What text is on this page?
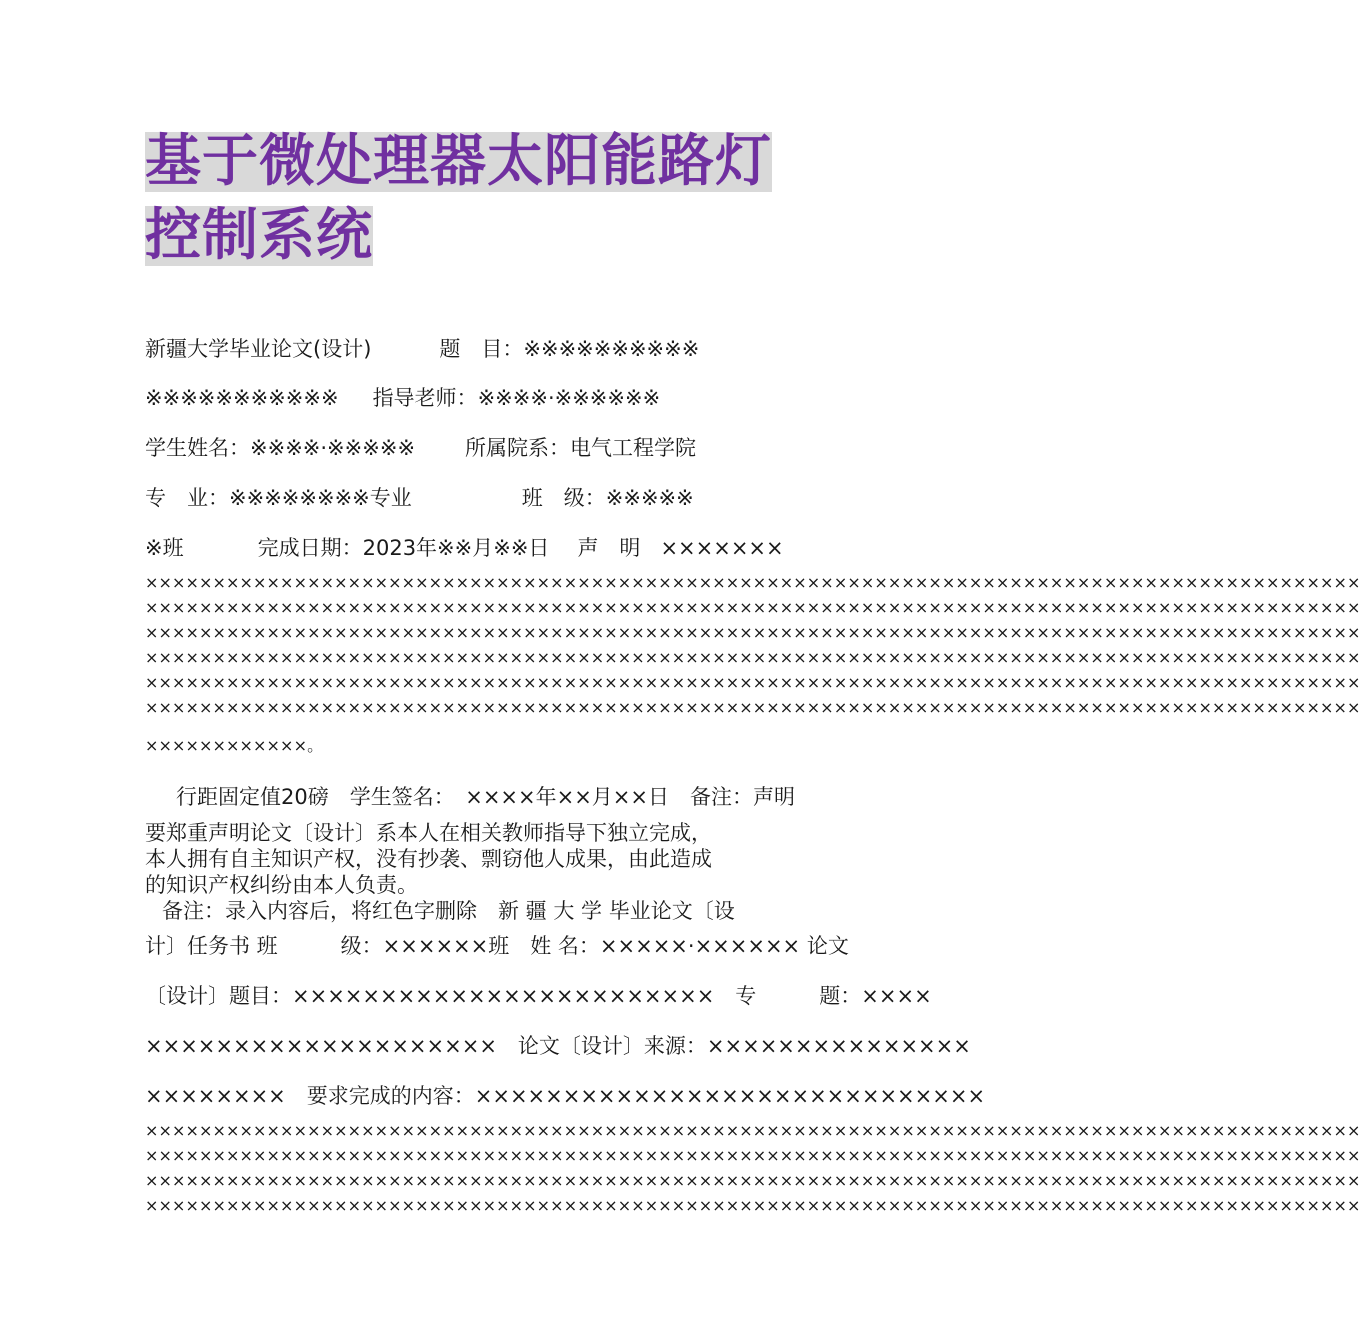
基于微处理器太阳能路灯
控制系统
新疆大学毕业论文(设计)	题　目：※※※※※※※※※※
※※※※※※※※※※※ 指导老师：※※※※·※※※※※※
学生姓名：※※※※·※※※※※ 所属院系：电气工程学院
专　业：※※※※※※※※专业	班　级：※※※※※
※班	完成日期：2023年※※月※※日 声　明 ×××××××
××××××××××××××××××××××××××××××××××××××××××××××××××××××××××××××××××××××××××××××××××××××××××
××××××××××××××××××××××××××××××××××××××××××××××××××××××××××××××××××××××××××××××××××××××××××
××××××××××××××××××××××××××××××××××××××××××××××××××××××××××××××××××××××××××××××××××××××××××
××××××××××××××××××××××××××××××××××××××××××××××××××××××××××××××××××××××××××××××××××××××××××
××××××××××××××××××××××××××××××××××××××××××××××××××××××××××××××××××××××××××××××××××××××××××
××××××××××××××××××××××××××××××××××××××××××××××××××××××××××××××××××××××××××××××××××××××××××
××××××××××××。
行距固定值20磅　学生签名：　××××年××月××日　备注：声明
要郑重声明论文〔设计〕系本人在相关教师指导下独立完成，
本人拥有自主知识产权，没有抄袭、剽窃他人成果，由此造成
的知识产权纠纷由本人负责。
备注：录入内容后，将红色字删除　新 疆 大 学 毕业论文〔设
计〕任务书 班　　　级：××××××班　姓 名：×××××·×××××× 论文
〔设计〕题目：××××××××××××××××××××××××　专　　　题：××××
××××××××××××××××××××　论文〔设计〕来源：×××××××××××××××
××××××××　要求完成的内容：×××××××××××××××××××××××××××××
××××××××××××××××××××××××××××××××××××××××××××××××××××××××××××××××××××××××××××××××××××××××××
××××××××××××××××××××××××××××××××××××××××××××××××××××××××××××××××××××××××××××××××××××××××××
××××××××××××××××××××××××××××××××××××××××××××××××××××××××××××××××××××××××××××××××××××××××××
××××××××××××××××××××××××××××××××××××××××××××××××××××××××××××××××××××××××××××××××××××××××××
